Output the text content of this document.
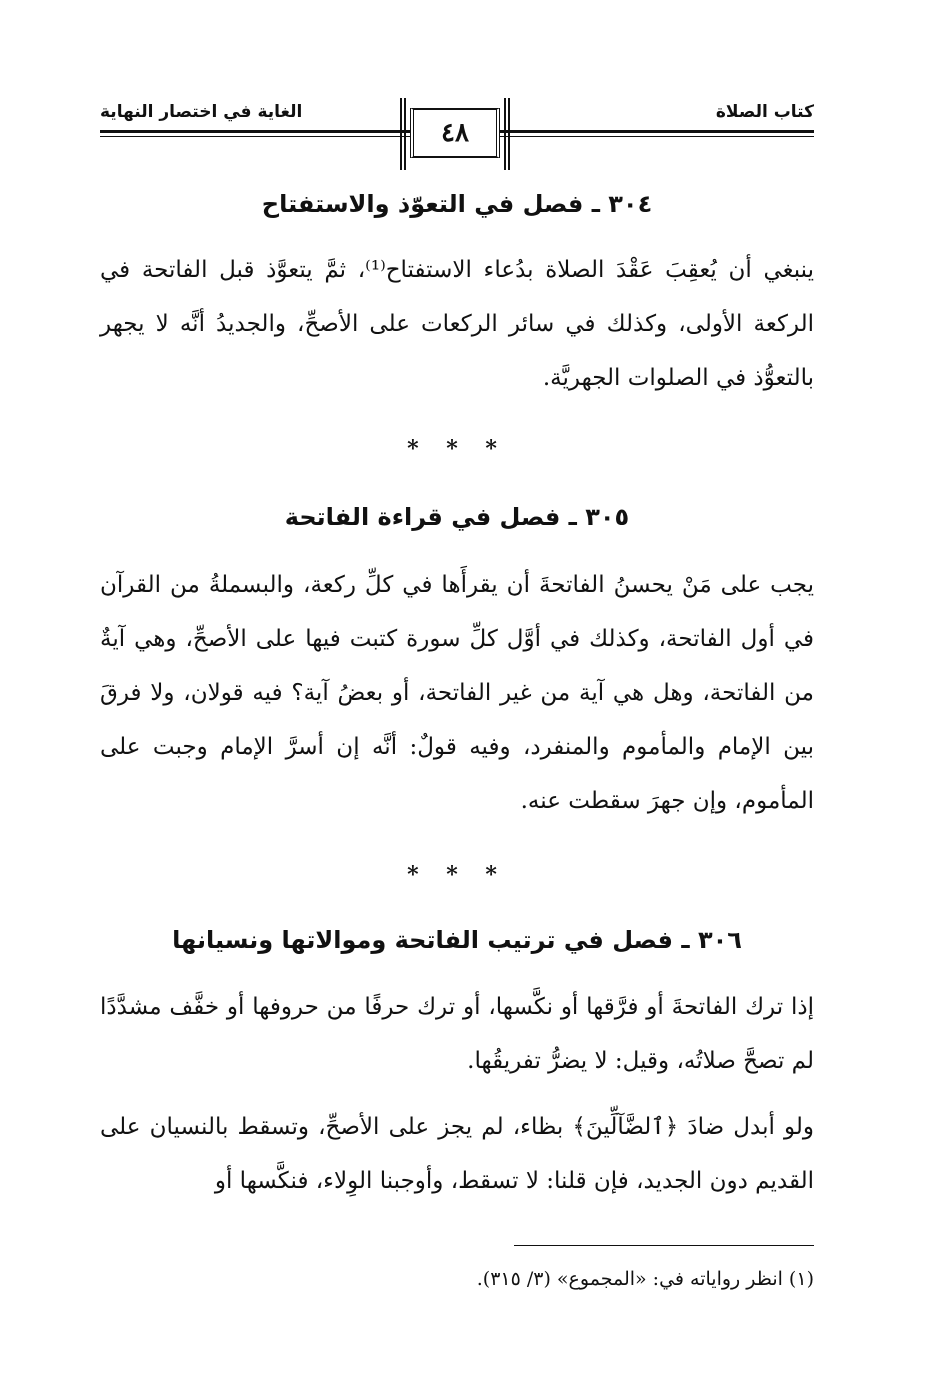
كتاب الصلاة
الغاية في اختصار النهاية
٤٨
٣٠٤ ـ فصل في التعوّذ والاستفتاح
ينبغي أن يُعقِبَ عَقْدَ الصلاة بدُعاء الاستفتاح⁽¹⁾، ثمَّ يتعوَّذ قبل الفاتحة في الركعة الأولى، وكذلك في سائر الركعات على الأصحِّ، والجديدُ أنَّه لا يجهر بالتعوُّذ في الصلوات الجهريَّة.
* * *
٣٠٥ ـ فصل في قراءة الفاتحة
يجب على مَنْ يحسنُ الفاتحةَ أن يقرأَها في كلِّ ركعة، والبسملةُ من القرآن في أول الفاتحة، وكذلك في أوَّل كلِّ سورة كتبت فيها على الأصحِّ، وهي آيةٌ من الفاتحة، وهل هي آية من غير الفاتحة، أو بعضُ آية؟ فيه قولان، ولا فرقَ بين الإمام والمأموم والمنفرد، وفيه قولٌ: أنَّه إن أسرَّ الإمام وجبت على المأموم، وإن جهرَ سقطت عنه.
* * *
٣٠٦ ـ فصل في ترتيب الفاتحة وموالاتها ونسيانها
إذا ترك الفاتحةَ أو فرَّقها أو نكَّسها، أو ترك حرفًا من حروفها أو خفَّف مشدَّدًا لم تصحَّ صلاتُه، وقيل: لا يضرُّ تفريقُها.
ولو أبدل ضادَ ﴿ٱلضَّآلِّينَ﴾ بظاء، لم يجز على الأصحِّ، وتسقط بالنسيان على القديم دون الجديد، فإن قلنا: لا تسقط، وأوجبنا الوِلاء، فنكَّسها أو
(١) انظر رواياته في: «المجموع» (٣/ ٣١٥).
